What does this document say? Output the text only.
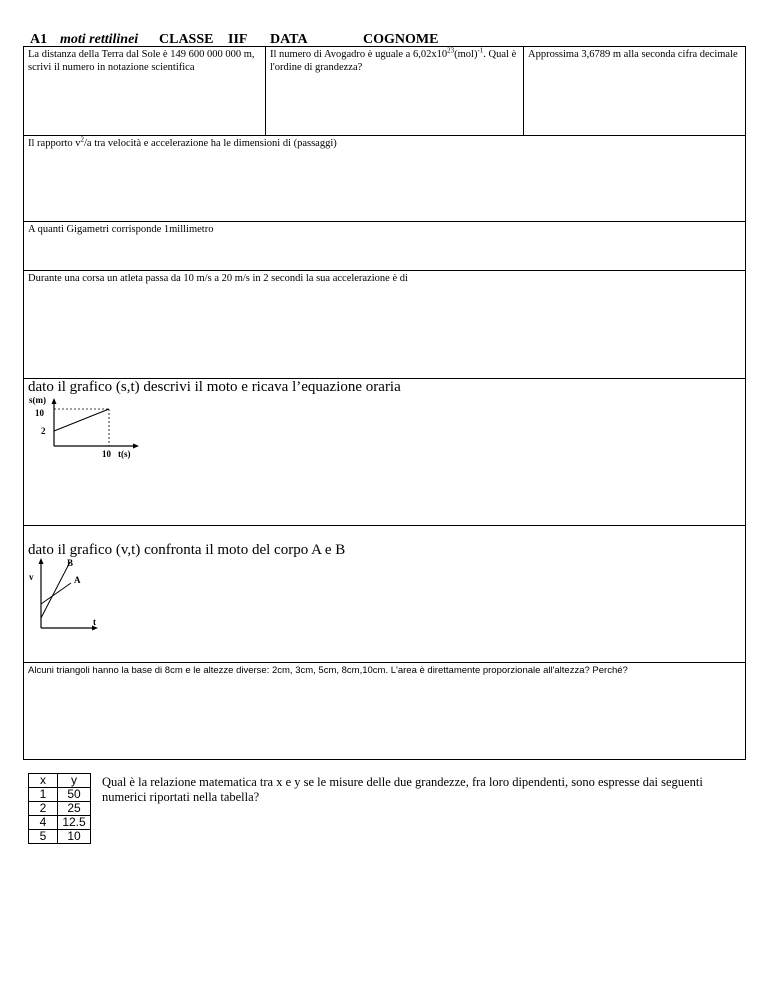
A1 moti rettilinei CLASSE IIF DATA	COGNOME
La distanza della Terra dal Sole è 149 600 000 000 m, scrivi il numero in notazione scientifica
Il numero di Avogadro è uguale a $6,02x10^{23}(mol)^{-1}$. Qual è l'ordine di grandezza?
Approssima 3,6789 m alla seconda cifra decimale
Il rapporto $v^2/a$ tra velocità e accelerazione ha le dimensioni di (passaggi)
A quanti Gigametri corrisponde 1millimetro
Durante una corsa un atleta passa da 10 m/s a 20 m/s in 2 secondi la sua accelerazione è di
dato il grafico (s,t) descrivi il moto e ricava l’equazione oraria
s(m)
10
2
10 t(s)
dato il grafico (v,t) confronta il moto del corpo A e B
v
B
A
t
Alcuni triangoli hanno la base di 8cm e le altezze diverse: 2cm, 3cm, 5cm, 8cm,10cm. L'area è direttamente proporzionale all'altezza? Perché?
x	y
1	50
2	25
4	12.5
5	10
Qual è la relazione matematica tra x e y se le misure delle due grandezze, fra loro dipendenti, sono espresse dai seguenti numerici riportati nella tabella?
